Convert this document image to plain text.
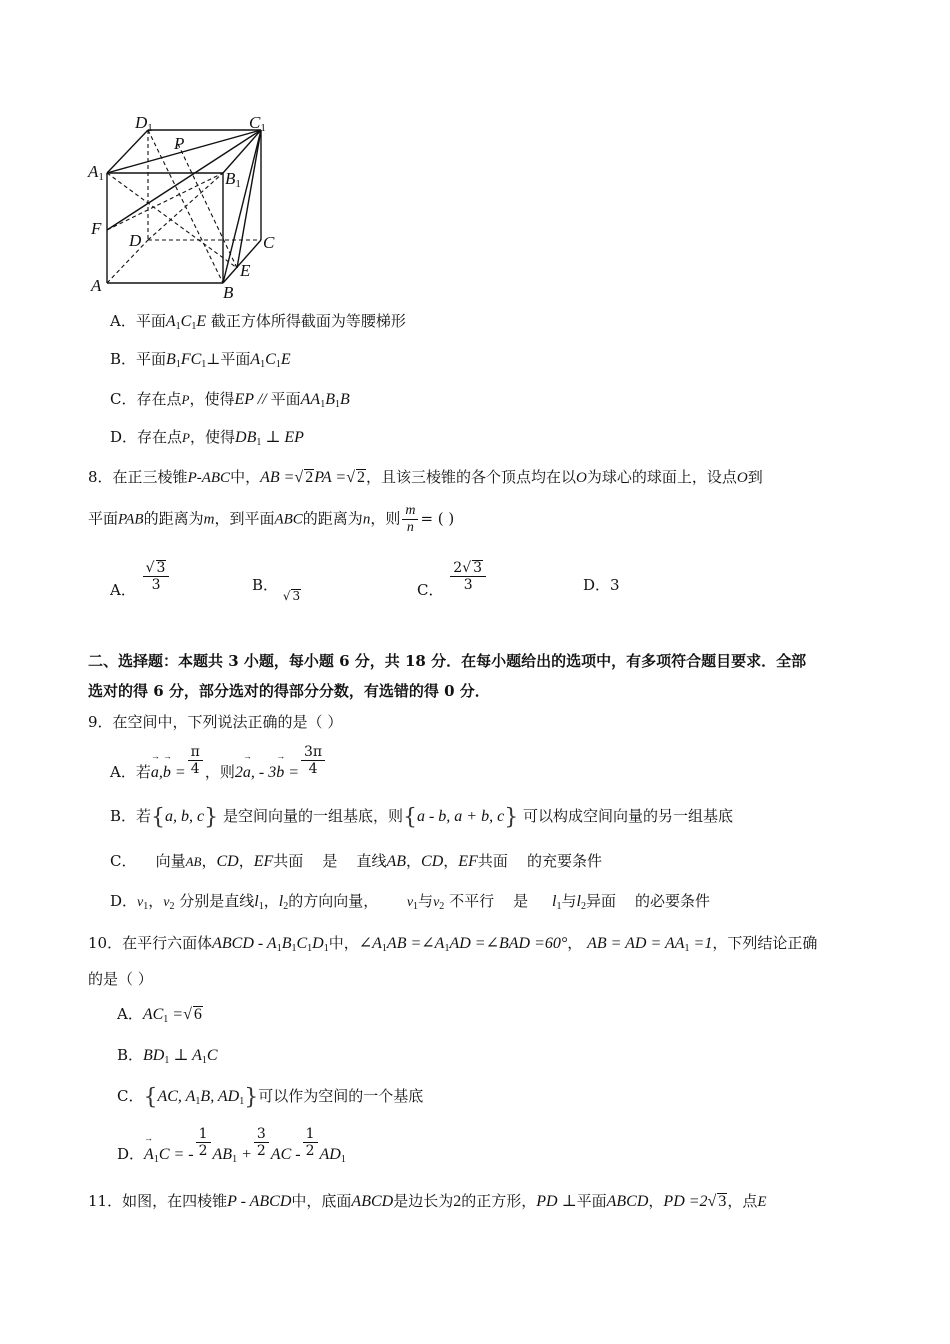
D1	C1
P
A1	B1
F
D	C
E
A	B
A．平面$A_1C_1E$ 截正方体所得截面为等腰梯形
B．平面$B_1FC_1\perp$平面$A_1C_1E$
C．存在点P，使得EP // 平面$AA_1B_1B$
D．存在点P，使得$DB_1$ ⊥ EP
8．在正三棱锥P-ABC中，AB =√ 2PA =√ 2，且该三棱锥的各个顶点均在以O为球心的球面上，设点O到
平面PAB的距离为m，到平面ABC的距离为n，则 $\frac{m}{n}$ = ( )
A． $\frac{√ 3}{3}$	B． $_{√ 3}$	C． $\frac{2√ 3}{3}$	D．3
二、选择题：本题共 3 小题，每小题 6 分，共 18 分．在每小题给出的选项中，有多项符合题目要求．全部
选对的得 6 分，部分选对的得部分分数，有选错的得 0 分．
9．在空间中，下列说法正确的是（ ）
A．若→ $a,\to b = \frac{\pi}{4}$ ，则2→ a, - $3\to b = \frac{3\pi}{4}$
B．若{a, b, c} 是空间向量的一组基底，则{a - b, a + b, c} 可以构成空间向量的另一组基底
C． 向量AB，CD，EF共面 是 直线AB，CD，EF共面 的充要条件
D．$v_1$，$v_2$ 分别是直线$l_1$，$l_2$的方向向量， $v_1$与$v_2$ 不平行 是 $l_1$与$l_2$异面 的必要条件
10．在平行六面体ABCD - $A_1B_1C_1D_1$中，$\angle A_1AB$ $=\angle A_1AD$ =∠BAD =60°， AB = AD = $AA_1 =1$，下列结论正确
的是（ ）
A．$AC_1$ =√ 6
B．$BD_1$ ⊥ $A_1C$
C．{AC, $A_1B$, $AD_1$}可以作为空间的一个基底
D．→ $A_1C$ = - $\frac{1}{2} AB_1 + \frac{3}{2}$ AC - $\frac{1}{2} AD_1$
11．如图，在四棱锥P - ABCD中，底面ABCD是边长为2的正方形，PD ⊥平面ABCD，PD =2√ 3，点E
